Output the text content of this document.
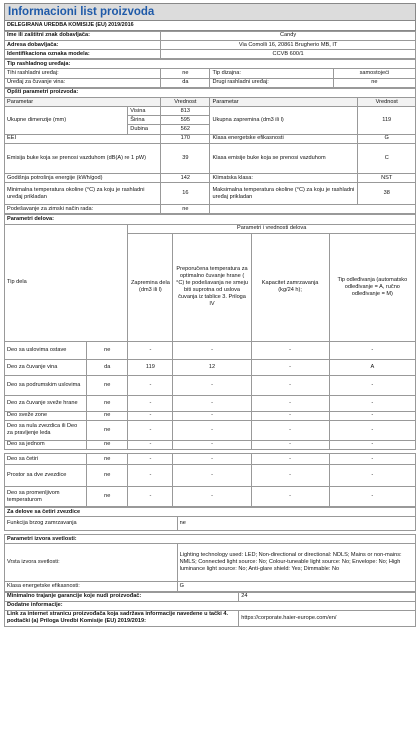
Informacioni list proizvoda
DELEGIRANA UREDBA KOMISIJE (EU) 2019/2016
Ime ili zaštitni znak dobavljača:	Candy
Adresa dobavljača:	Via Comolli 16, 20861 Brugherio MB, IT
Identifikaciona oznaka modela:	CCVB 600/1
Tip rashladnog uređaja:			
Tihi rashladni uređaj:	ne	Tip dizajna:	samostojeći
Uređaj za čuvanje vina:	da	Drugi rashladni uređaj:	ne
Opšti parametri proizvoda:				
Parametar		Vrednost	Parametar	Vrednost
Ukupne dimenzije (mm)	Visina	813	Ukupna zapremina (dm3 ili l)	119
	Širina	595		
	Dubina	562		
EEI		170	Klasa energetske efikasnosti	G
Emisija buke koja se prenosi vazduhom (dB(A) re 1 pW)		39	Klasa emisije buke koja se prenosi vazduhom	C
Godišnja potrošnja energije (kWh/god)		142	Klimatska klasa:	NST
Minimalna temperatura okoline (°C) za koju je rashladni uređaj prikladan		16	Maksimalna temperatura okoline (°C) za koju je rashladni uređaj prikladan	38
Podešavanje za zimski način rada:		ne		
Parametri delova:					
Tip dela		Parametri i vrednosti delova			
		Zapremina dela (dm3 ili l)	Preporučena temperatura za optimalno čuvanje hrane ( °C) te podešavanja ne smeju biti suprotna od uslova čuvanja iz tablice 3. Priloga IV	Kapacitet zamrzavanja (kg/24 h);	Tip odleđivanja (automatsko odleđivanje = A, ručno odleđivanje = M)
Deo sa uslovima ostave	ne	-	-	-	-
Deo za čuvanje vina	da	119	12	-	A
Deo sa podrumskim uslovima	ne	-	-	-	-
Deo za čuvanje sveže hrane	ne	-	-	-	-
Deo sveže zone	ne	-	-	-	-
Deo sa nula zvezdica ili Deo za pravljenje leda	ne	-	-	-	-
Deo sa jednom	ne	-	-	-	-
Deo sa četiri	ne	-	-	-	-
Prostor sa dve zvezdice	ne	-	-	-	-
Deo sa promenljivom temperaturom	ne	-	-	-	-
Za delove sa četiri zvezdice
Funkcija brzog zamrzavanja	ne
Parametri izvora svetlosti:	
Vrsta izvora svetlosti:	Lighting technology used: LED; Non-directional or directional: NDLS; Mains or non-mains: NMLS; Connected light source: No; Colour-tuneable light source: No; Envelope: No; High luminance light source: No; Anti-glare shield: Yes; Dimmable: No
Klasa energetske efikasnosti:	G
Minimalno trajanje garancije koje nudi proizvođač:	24
Dodatne informacije:	
Link za internet stranicu proizvođača koja sadržava informacije navedene u tački 4. podtački (a) Priloga Uredbi Komisije (EU) 2019/2019:	https://corporate.haier-europe.com/en/
